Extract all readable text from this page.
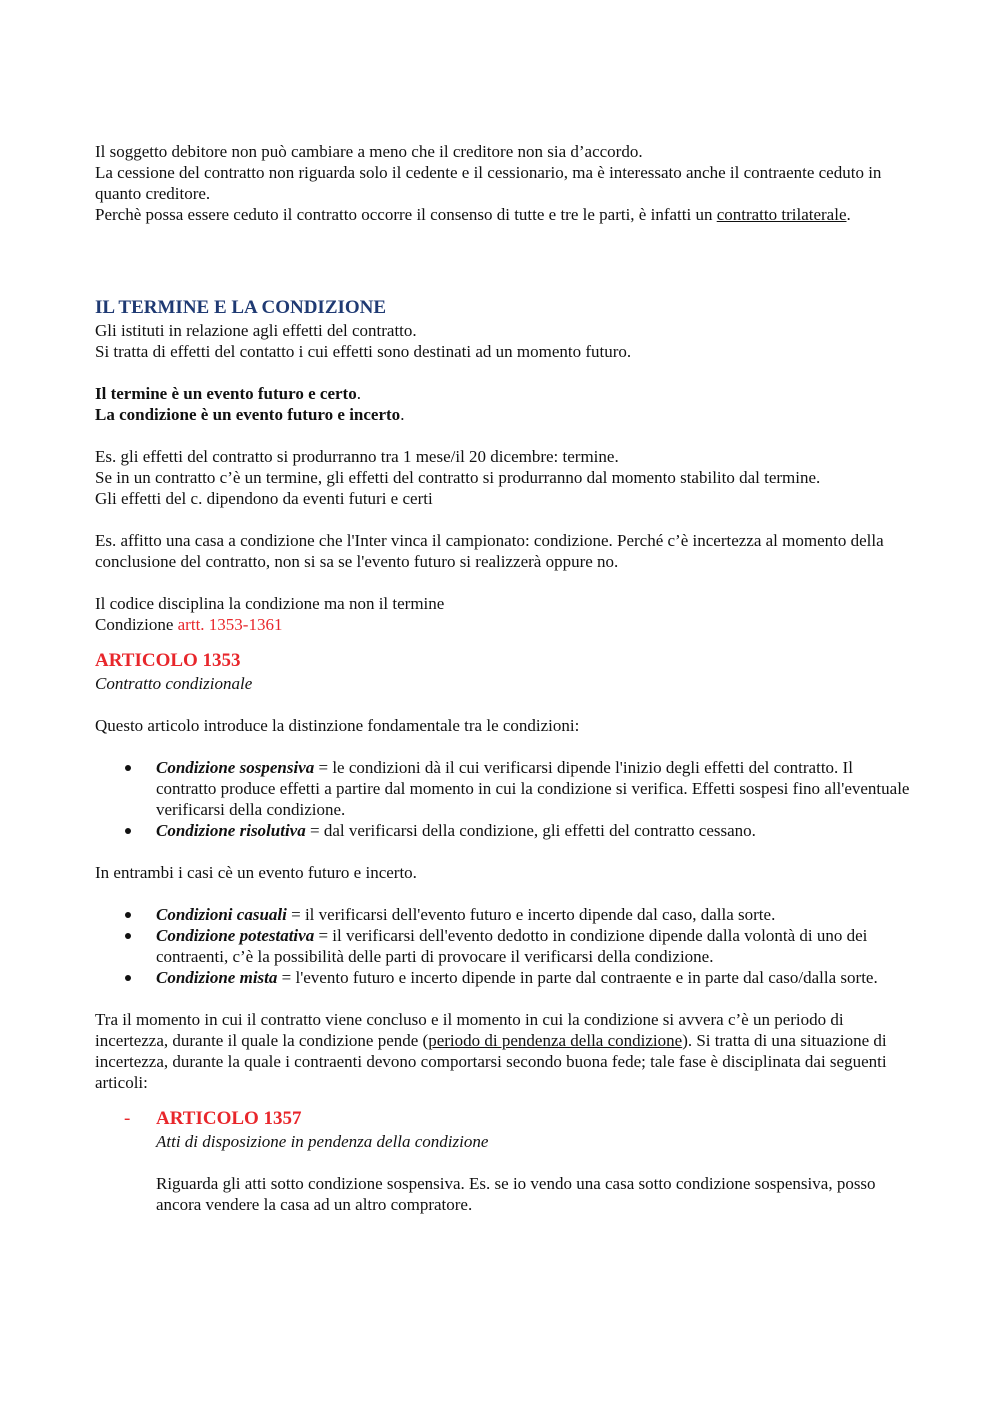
Il soggetto debitore non può cambiare a meno che il creditore non sia d’accordo.

La cessione del contratto non riguarda solo il cedente e il cessionario, ma è interessato anche il contraente ceduto in quanto creditore.

Perchè possa essere ceduto il contratto occorre il consenso di tutte e tre le parti, è infatti un contratto trilaterale.

IL TERMINE E LA CONDIZIONE

Gli istituti in relazione agli effetti del contratto.

Si tratta di effetti del contatto i cui effetti sono destinati ad un momento futuro.

Il termine è un evento futuro e certo.

La condizione è un evento futuro e incerto.

Es. gli effetti del contratto si produrranno tra 1 mese/il 20 dicembre: termine.

Se in un contratto c’è un termine, gli effetti del contratto si produrranno dal momento stabilito dal termine.

Gli effetti del c. dipendono da eventi futuri e certi

Es. affitto una casa a condizione che l'Inter vinca il campionato: condizione. Perché c’è incertezza al momento della conclusione del contratto, non si sa se l'evento futuro si realizzerà oppure no.

Il codice disciplina la condizione ma non il termine

Condizione artt. 1353-1361

ARTICOLO 1353

Contratto condizionale

Questo articolo introduce la distinzione fondamentale tra le condizioni:

Condizione sospensiva = le condizioni dà il cui verificarsi dipende l'inizio degli effetti del contratto. Il contratto produce effetti a partire dal momento in cui la condizione si verifica. Effetti sospesi fino all'eventuale verificarsi della condizione.
Condizione risolutiva = dal verificarsi della condizione, gli effetti del contratto cessano.

In entrambi i casi cè un evento futuro e incerto.

Condizioni casuali = il verificarsi dell'evento futuro e incerto dipende dal caso, dalla sorte.
Condizione potestativa = il verificarsi dell'evento dedotto in condizione dipende dalla volontà di uno dei contraenti, c’è la possibilità delle parti di provocare il verificarsi della condizione.
Condizione mista = l'evento futuro e incerto dipende in parte dal contraente e in parte dal caso/dalla sorte.

Tra il momento in cui il contratto viene concluso e il momento in cui la condizione si avvera c’è un periodo di incertezza, durante il quale la condizione pende (periodo di pendenza della condizione). Si tratta di una situazione di incertezza, durante la quale i contraenti devono comportarsi secondo buona fede; tale fase è disciplinata dai seguenti articoli:

- ARTICOLO 1357

Atti di disposizione in pendenza della condizione

Riguarda gli atti sotto condizione sospensiva. Es. se io vendo una casa sotto condizione sospensiva, posso ancora vendere la casa ad un altro compratore.
